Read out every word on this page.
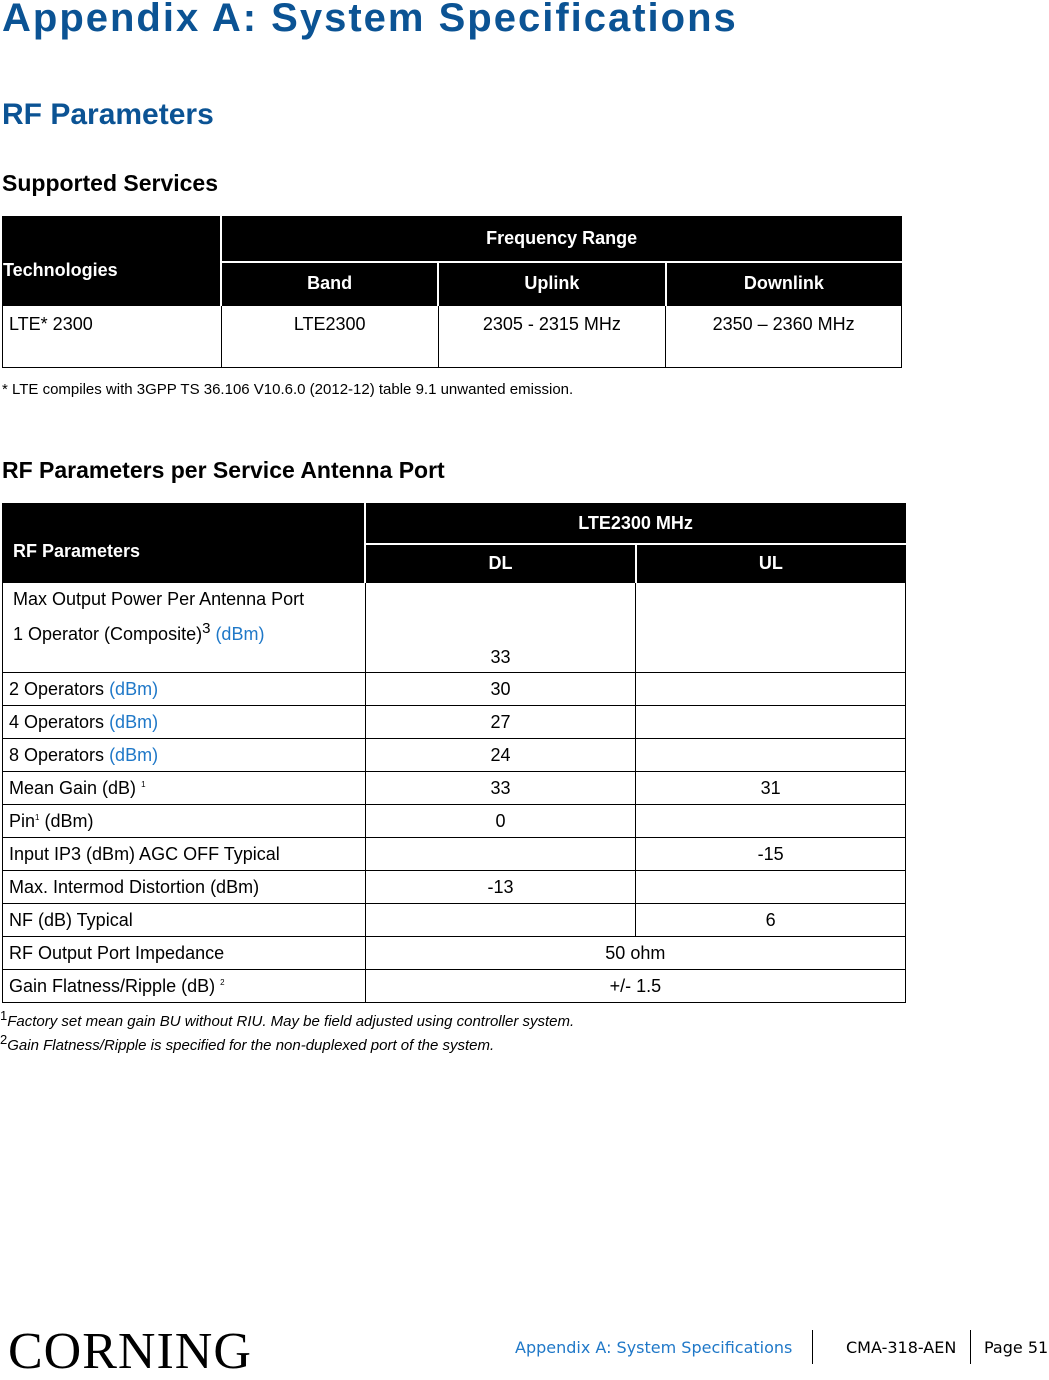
Appendix A: System Specifications
RF Parameters
Supported Services
Technologies	Frequency Range		
	Band	Uplink	Downlink
LTE* 2300	LTE2300	2305 - 2315 MHz	2350 – 2360 MHz

* LTE compiles with 3GPP TS 36.106 V10.6.0 (2012-12) table 9.1 unwanted emission.

RF Parameters per Service Antenna Port
RF Parameters	LTE2300 MHz	
	DL	UL

Max Output Power Per Antenna Port
1 Operator (Composite)$^3$ (dBm)	33	
2 Operators (dBm)	30	
4 Operators (dBm)	27	
8 Operators (dBm)	24	
Mean Gain (dB) $^1$	33	31
Pin$^1$ (dBm)	0	
Input IP3 (dBm) AGC OFF Typical		-15
Max. Intermod Distortion (dBm)	-13	
NF (dB) Typical		6
RF Output Port Impedance	50 ohm	
Gain Flatness/Ripple (dB) $^2$	+/- 1.5	

$^1$Factory set mean gain BU without RIU. May be field adjusted using controller system.

$^2$Gain Flatness/Ripple is specified for the non-duplexed port of the system.

CORNING	Appendix A: System Specifications	CMA-318-AEN Page 51
